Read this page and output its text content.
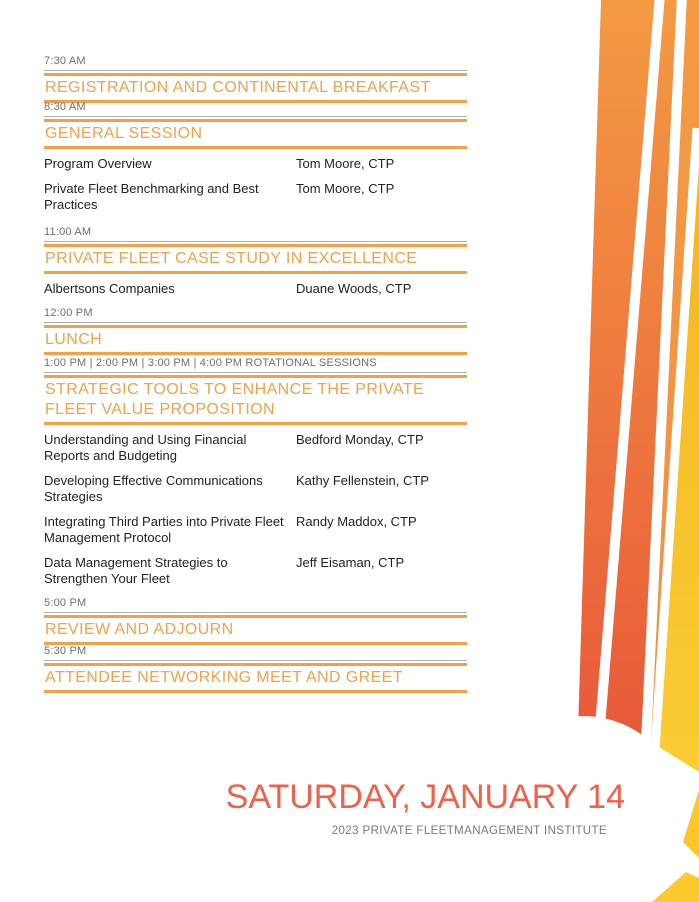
7:30 AM
REGISTRATION AND CONTINENTAL BREAKFAST
8:30 AM
GENERAL SESSION
Program Overview	Tom Moore, CTP
Private Fleet Benchmarking and Best Practices
Tom Moore, CTP
11:00 AM
PRIVATE FLEET CASE STUDY IN EXCELLENCE
Albertsons Companies	Duane Woods, CTP
12:00 PM
LUNCH
1:00 PM | 2:00 PM | 3:00 PM | 4:00 PM ROTATIONAL SESSIONS
STRATEGIC TOOLS TO ENHANCE THE PRIVATE FLEET VALUE PROPOSITION
Understanding and Using Financial Reports and Budgeting
Bedford Monday, CTP
Developing Effective Communications Strategies
Kathy Fellenstein, CTP
Integrating Third Parties into Private Fleet Management Protocol
Randy Maddox, CTP
Data Management Strategies to Strengthen Your Fleet
Jeff Eisaman, CTP
5:00 PM
REVIEW AND ADJOURN
5:30 PM
ATTENDEE NETWORKING MEET AND GREET
SATURDAY, JANUARY 14
2023 PRIVATE FLEETMANAGEMENT INSTITUTE
